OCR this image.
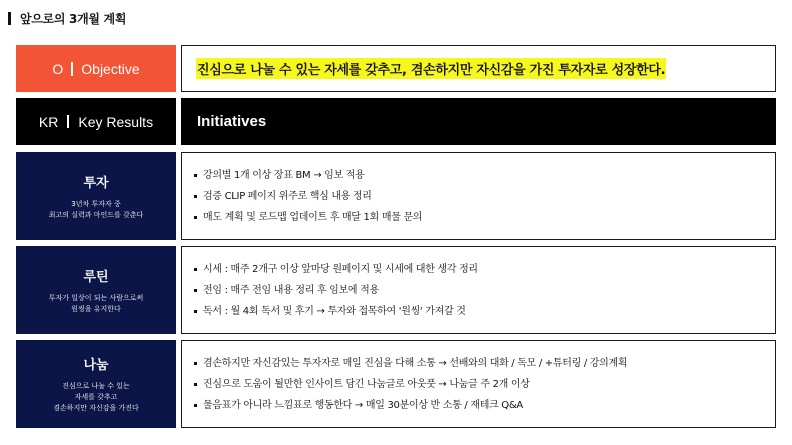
앞으로의 3개월 계획
O Objective	진심으로 나눌 수 있는 자세를 갖추고, 겸손하지만 자신감을 가진 투자자로 성장한다.
KR Key Results	Initiatives
투자
3년차 투자자 중
최고의 실력과 마인드를 갖춘다
강의별 1개 이상 장표 BM → 임보 적용
검증 CLIP 페이지 위주로 핵심 내용 정리
매도 계획 및 로드맵 업데이트 후 매달 1회 매물 문의
루틴
투자가 일상이 되는 사람으로써
원씽을 유지한다
시세 : 매주 2개구 이상 앞마당 원페이지 및 시세에 대한 생각 정리
전임 : 매주 전임 내용 정리 후 임보에 적용
독서 : 월 4회 독서 및 후기 → 투자와 접목하여 '원씽' 가져갈 것
나눔
진심으로 나눌 수 있는
자세를 갖추고
겸손하지만 자신감을 가진다
겸손하지만 자신감있는 투자자로 매일 진심을 다해 소통 → 선배와의 대화 / 독모 / +튜터링 / 강의계획
진심으로 도움이 될만한 인사이트 담긴 나눔글로 아웃풋 → 나눔글 주 2개 이상
물음표가 아니라 느낌표로 행동한다 → 매일 30분이상 반 소통 / 재테크 Q&A
